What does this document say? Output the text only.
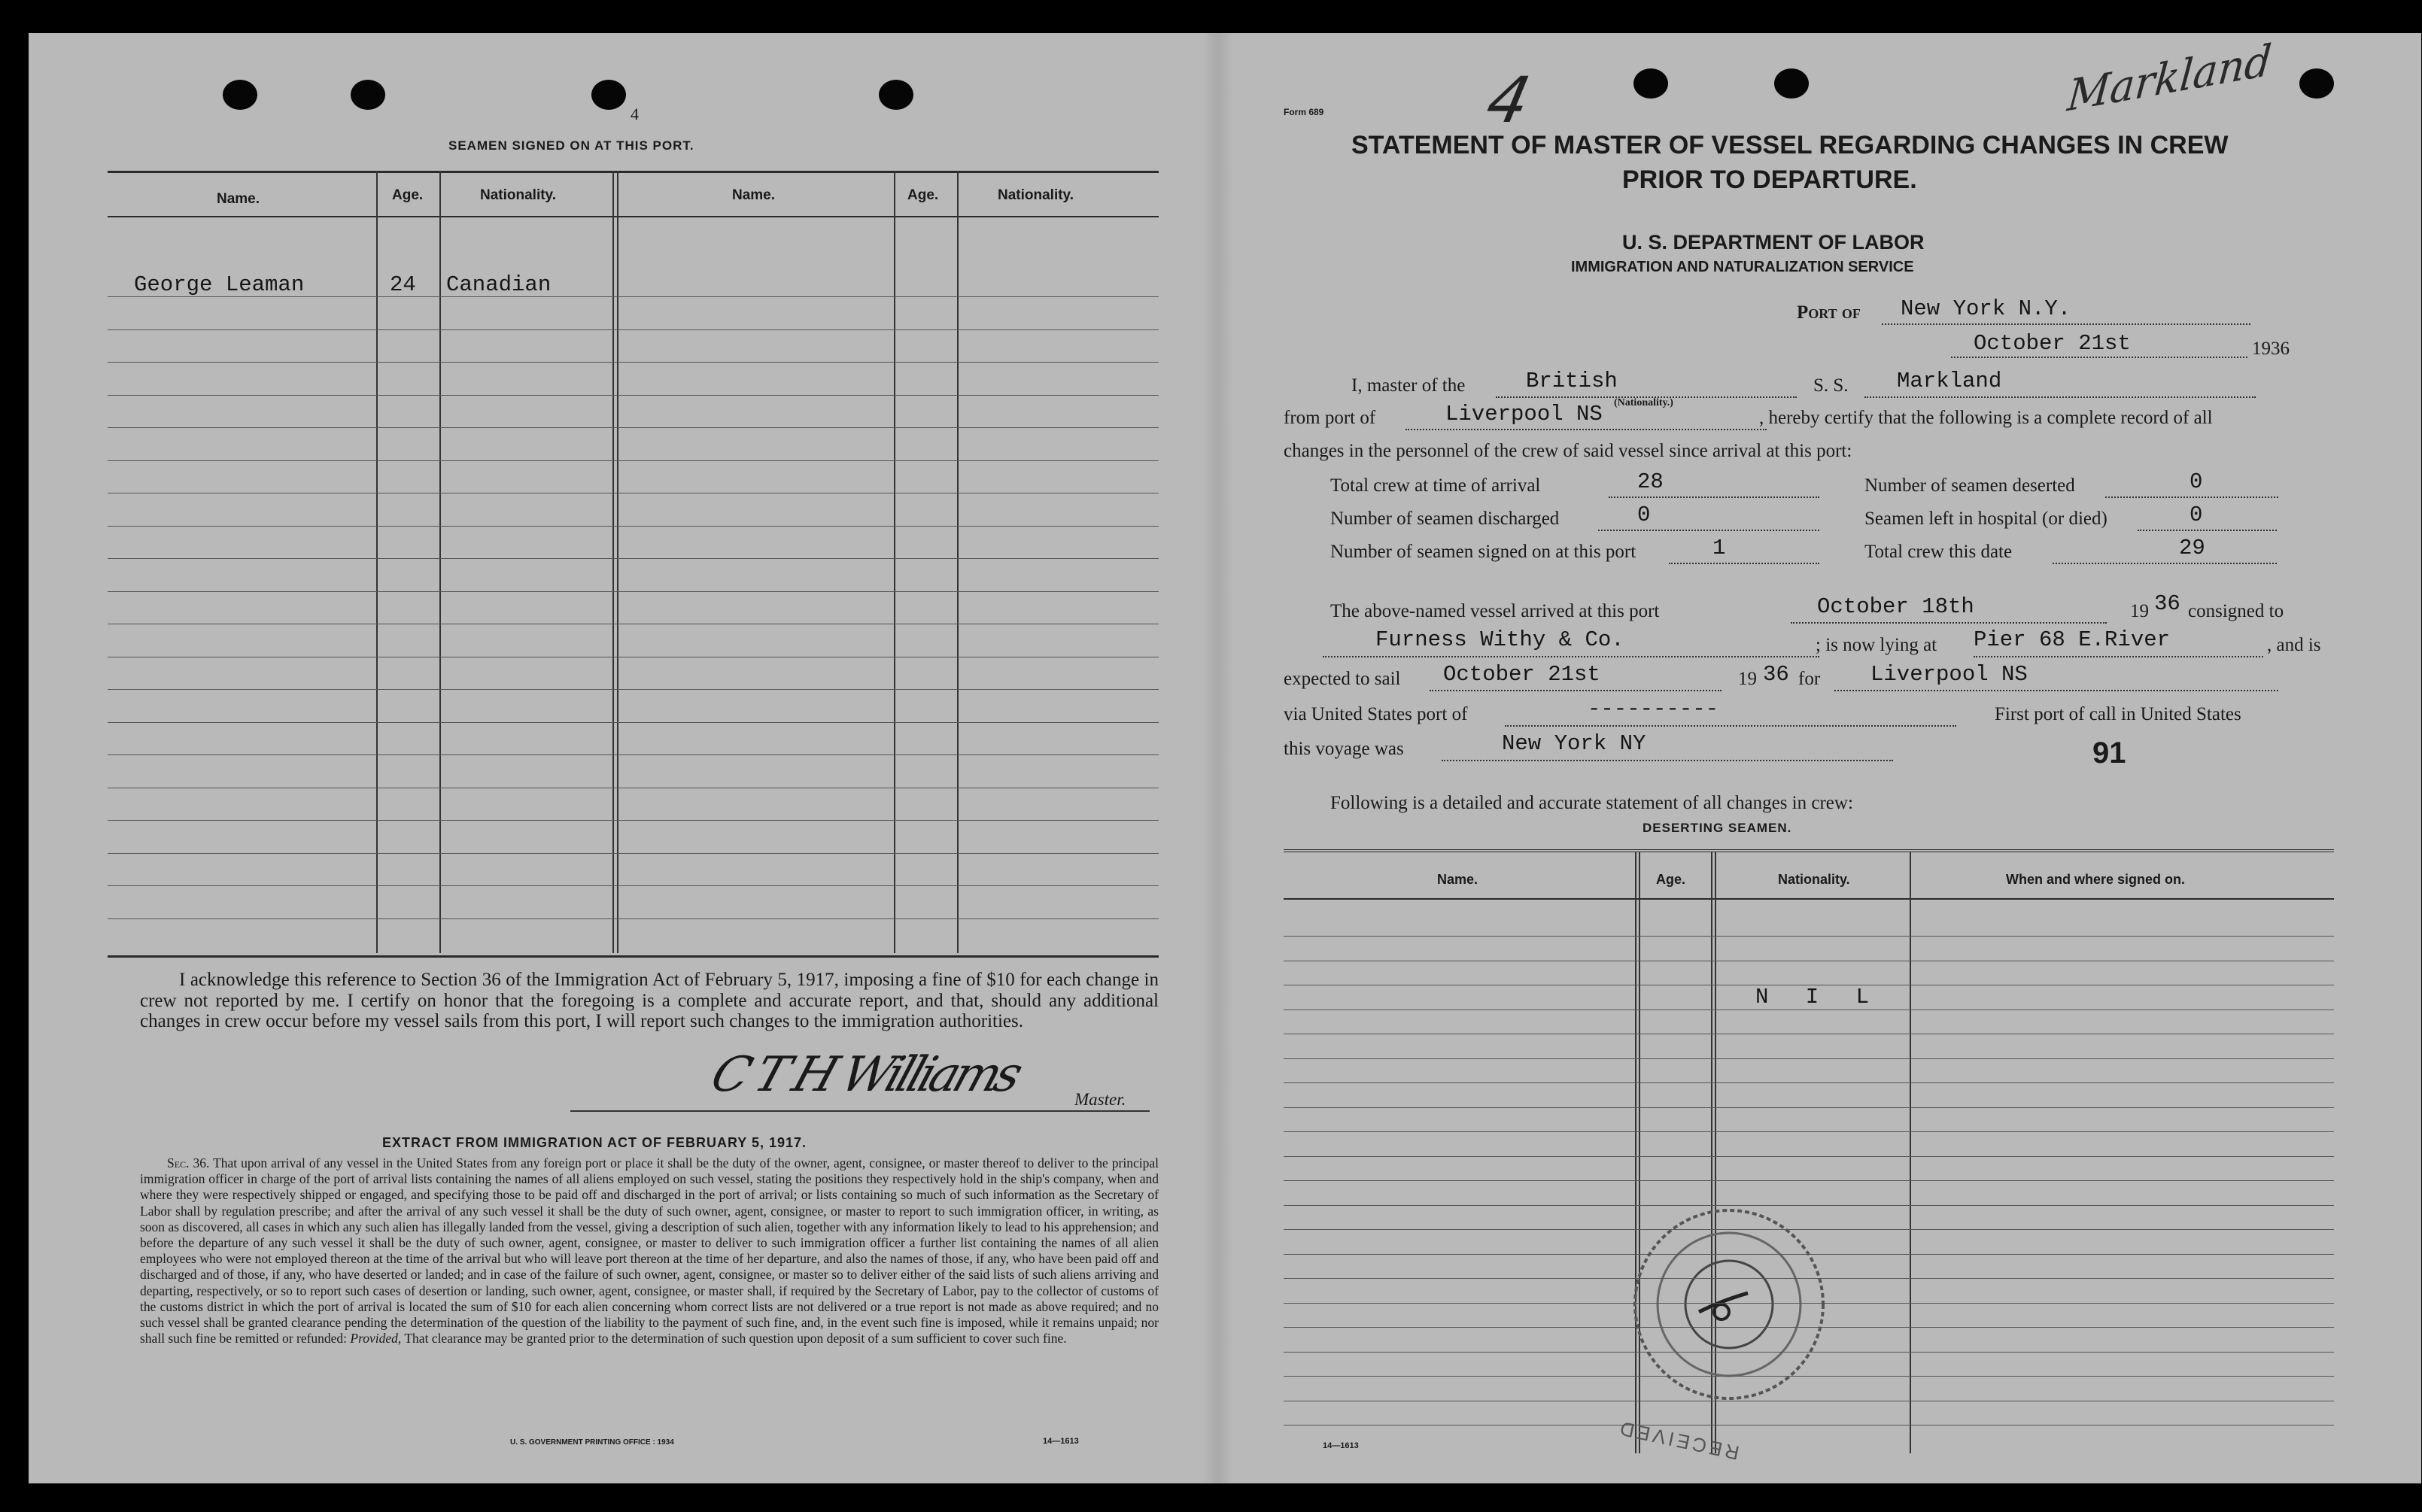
4
SEAMEN SIGNED ON AT THIS PORT.
Name.	Age.	Nationality.	Name.	Age.	Nationality.
George Leaman	24 Canadian
I acknowledge this reference to Section 36 of the Immigration Act of February 5, 1917, imposing a fine of $10 for each change in crew not reported by me. I certify on honor that the foregoing is a complete and accurate report, and that, should any additional changes in crew occur before my vessel sails from this port, I will report such changes to the immigration authorities.
C T H Williams	Master.
EXTRACT FROM IMMIGRATION ACT OF FEBRUARY 5, 1917.
Sec. 36. That upon arrival of any vessel in the United States from any foreign port or place it shall be the duty of the owner, agent, consignee, or master thereof to deliver to the principal immigration officer in charge of the port of arrival lists containing the names of all aliens employed on such vessel, stating the positions they respectively hold in the ship's company, when and where they were respectively shipped or engaged, and specifying those to be paid off and discharged in the port of arrival; or lists containing so much of such information as the Secretary of Labor shall by regulation prescribe; and after the arrival of any such vessel it shall be the duty of such owner, agent, consignee, or master to report to such immigration officer, in writing, as soon as discovered, all cases in which any such alien has illegally landed from the vessel, giving a description of such alien, together with any information likely to lead to his apprehension; and before the departure of any such vessel it shall be the duty of such owner, agent, consignee, or master to deliver to such immigration officer a further list containing the names of all alien employees who were not employed thereon at the time of the arrival but who will leave port thereon at the time of her departure, and also the names of those, if any, who have been paid off and discharged and of those, if any, who have deserted or landed; and in case of the failure of such owner, agent, consignee, or master so to deliver either of the said lists of such aliens arriving and departing, respectively, or so to report such cases of desertion or landing, such owner, agent, consignee, or master shall, if required by the Secretary of Labor, pay to the collector of customs of the customs district in which the port of arrival is located the sum of $10 for each alien concerning whom correct lists are not delivered or a true report is not made as above required; and no such vessel shall be granted clearance pending the determination of the question of the liability to the payment of such fine, and, in the event such fine is imposed, while it remains unpaid; nor shall such fine be remitted or refunded: Provided, That clearance may be granted prior to the determination of such question upon deposit of a sum sufficient to cover such fine.
U. S. GOVERNMENT PRINTING OFFICE : 1934	14—1613
Form 689 4	Markland
STATEMENT OF MASTER OF VESSEL REGARDING CHANGES IN CREW
PRIOR TO DEPARTURE.
U. S. DEPARTMENT OF LABOR
IMMIGRATION AND NATURALIZATION SERVICE
Port of New York N.Y.
October 21st	1936
I, master of the	British
(Nationality.)
S. S. Markland
from port of	Liverpool NS	, hereby certify that the following is a complete record of all
changes in the personnel of the crew of said vessel since arrival at this port:
Total crew at time of arrival	28	Number of seamen deserted	0
Number of seamen discharged	0	Seamen left in hospital (or died)	0
Number of seamen signed on at this port	1	Total crew this date	29
The above-named vessel arrived at this port	October 18th	19 36 consigned to
Furness Withy & Co.	; is now lying at Pier 68 E.River	, and is
expected to sail October 21st	19 36 for Liverpool NS
via United States port of	----------	First port of call in United States
this voyage was	New York NY	91
Following is a detailed and accurate statement of all changes in crew:
DESERTING SEAMEN.
Name.	Age.	Nationality.	When and where signed on.
N I L
RECEIVED
14—1613
